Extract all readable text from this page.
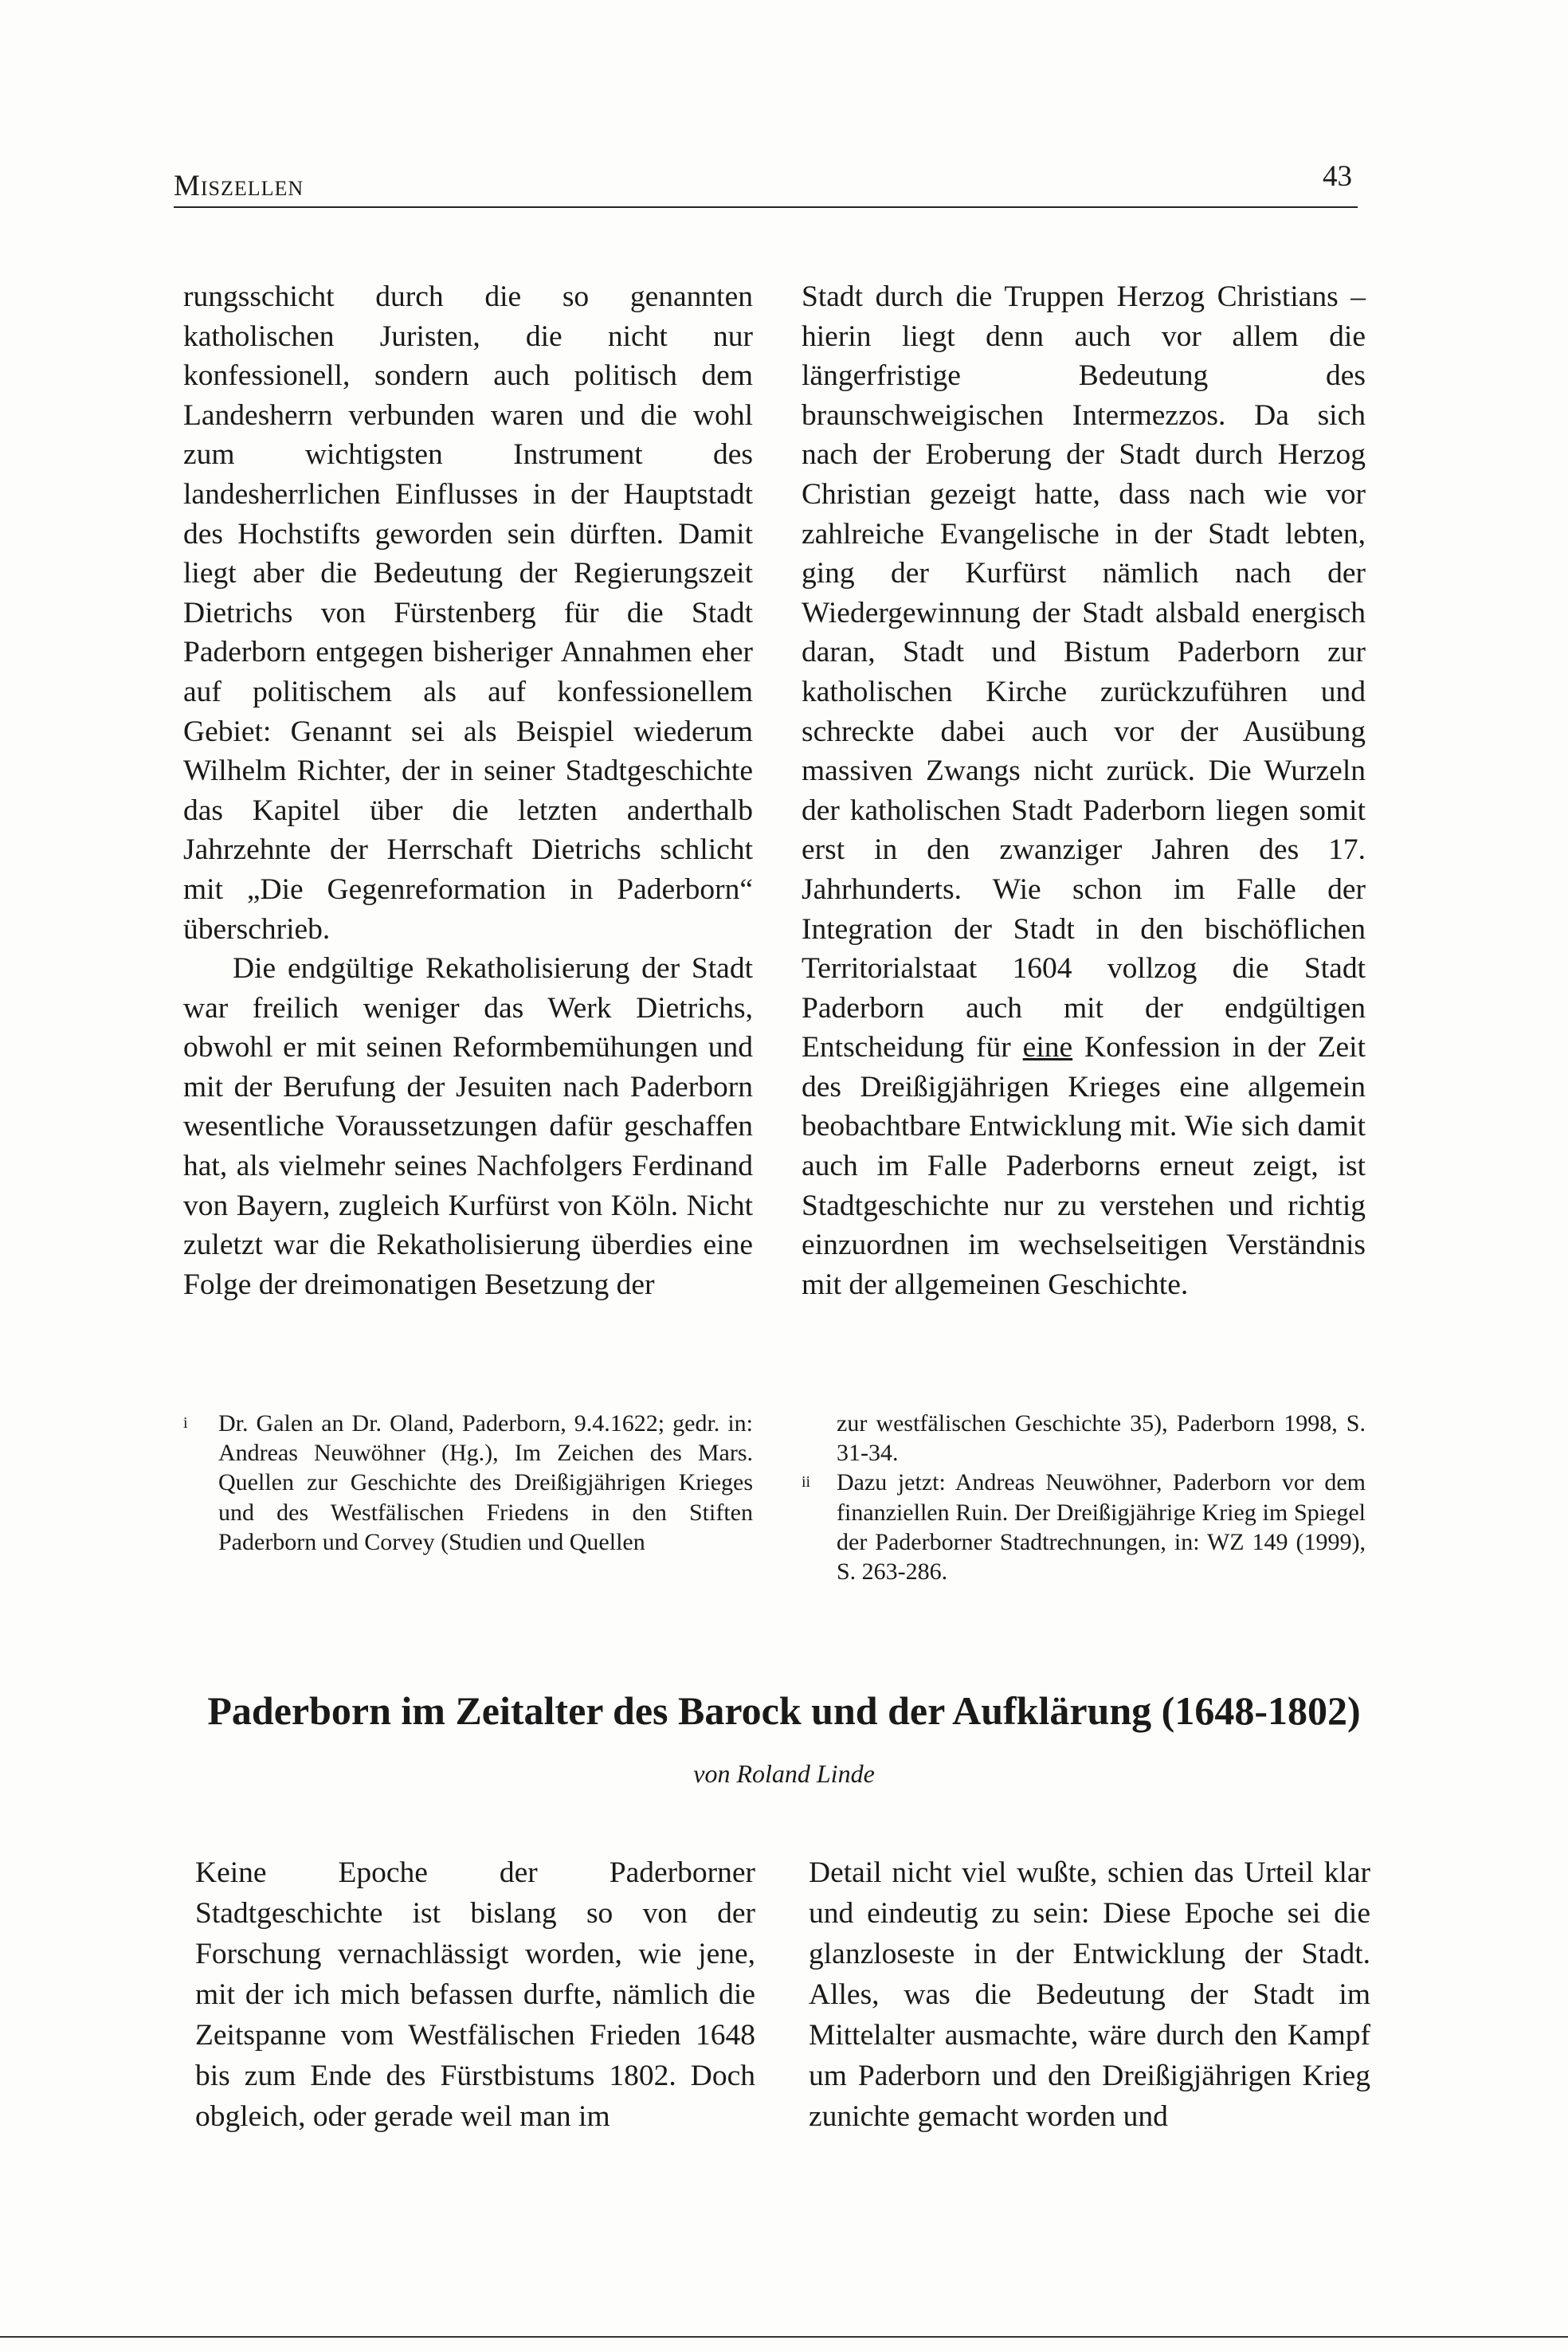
Miszellen	43

rungsschicht durch die so genannten katholischen Juristen, die nicht nur konfessionell, sondern auch politisch dem Landesherrn verbunden waren und die wohl zum wichtigsten Instrument des landesherrlichen Einflusses in der Hauptstadt des Hochstifts geworden sein dürften. Damit liegt aber die Bedeutung der Regierungszeit Dietrichs von Fürstenberg für die Stadt Paderborn entgegen bisheriger Annahmen eher auf politischem als auf konfessionellem Gebiet: Genannt sei als Beispiel wiederum Wilhelm Richter, der in seiner Stadtgeschichte das Kapitel über die letzten anderthalb Jahrzehnte der Herrschaft Dietrichs schlicht mit „Die Gegenreformation in Paderborn“ überschrieb.

Die endgültige Rekatholisierung der Stadt war freilich weniger das Werk Dietrichs, obwohl er mit seinen Reformbemühungen und mit der Berufung der Jesuiten nach Paderborn wesentliche Voraussetzungen dafür geschaffen hat, als vielmehr seines Nachfolgers Ferdinand von Bayern, zugleich Kurfürst von Köln. Nicht zuletzt war die Rekatholisierung überdies eine Folge der dreimonatigen Besetzung der

Stadt durch die Truppen Herzog Christians – hierin liegt denn auch vor allem die längerfristige Bedeutung des braunschweigischen Intermezzos. Da sich nach der Eroberung der Stadt durch Herzog Christian gezeigt hatte, dass nach wie vor zahlreiche Evangelische in der Stadt lebten, ging der Kurfürst nämlich nach der Wiedergewinnung der Stadt alsbald energisch daran, Stadt und Bistum Paderborn zur katholischen Kirche zurückzuführen und schreckte dabei auch vor der Ausübung massiven Zwangs nicht zurück. Die Wurzeln der katholischen Stadt Paderborn liegen somit erst in den zwanziger Jahren des 17. Jahrhunderts. Wie schon im Falle der Integration der Stadt in den bischöflichen Territorialstaat 1604 vollzog die Stadt Paderborn auch mit der endgültigen Entscheidung für eine Konfession in der Zeit des Dreißigjährigen Krieges eine allgemein beobachtbare Entwicklung mit. Wie sich damit auch im Falle Paderborns erneut zeigt, ist Stadtgeschichte nur zu verstehen und richtig einzuordnen im wechselseitigen Verständnis mit der allgemeinen Geschichte.

i Dr. Galen an Dr. Oland, Paderborn, 9.4.1622; gedr. in: Andreas Neuwöhner (Hg.), Im Zeichen des Mars. Quellen zur Geschichte des Dreißigjährigen Krieges und des Westfälischen Friedens in den Stiften Paderborn und Corvey (Studien und Quellen

zur westfälischen Geschichte 35), Paderborn 1998, S. 31-34.

ii Dazu jetzt: Andreas Neuwöhner, Paderborn vor dem finanziellen Ruin. Der Dreißigjährige Krieg im Spiegel der Paderborner Stadtrechnungen, in: WZ 149 (1999), S. 263-286.

Paderborn im Zeitalter des Barock und der Aufklärung (1648-1802)
von Roland Linde

Keine Epoche der Paderborner Stadtgeschichte ist bislang so von der Forschung vernachlässigt worden, wie jene, mit der ich mich befassen durfte, nämlich die Zeitspanne vom Westfälischen Frieden 1648 bis zum Ende des Fürstbistums 1802. Doch obgleich, oder gerade weil man im

Detail nicht viel wußte, schien das Urteil klar und eindeutig zu sein: Diese Epoche sei die glanzloseste in der Entwicklung der Stadt. Alles, was die Bedeutung der Stadt im Mittelalter ausmachte, wäre durch den Kampf um Paderborn und den Dreißigjährigen Krieg zunichte gemacht worden und
